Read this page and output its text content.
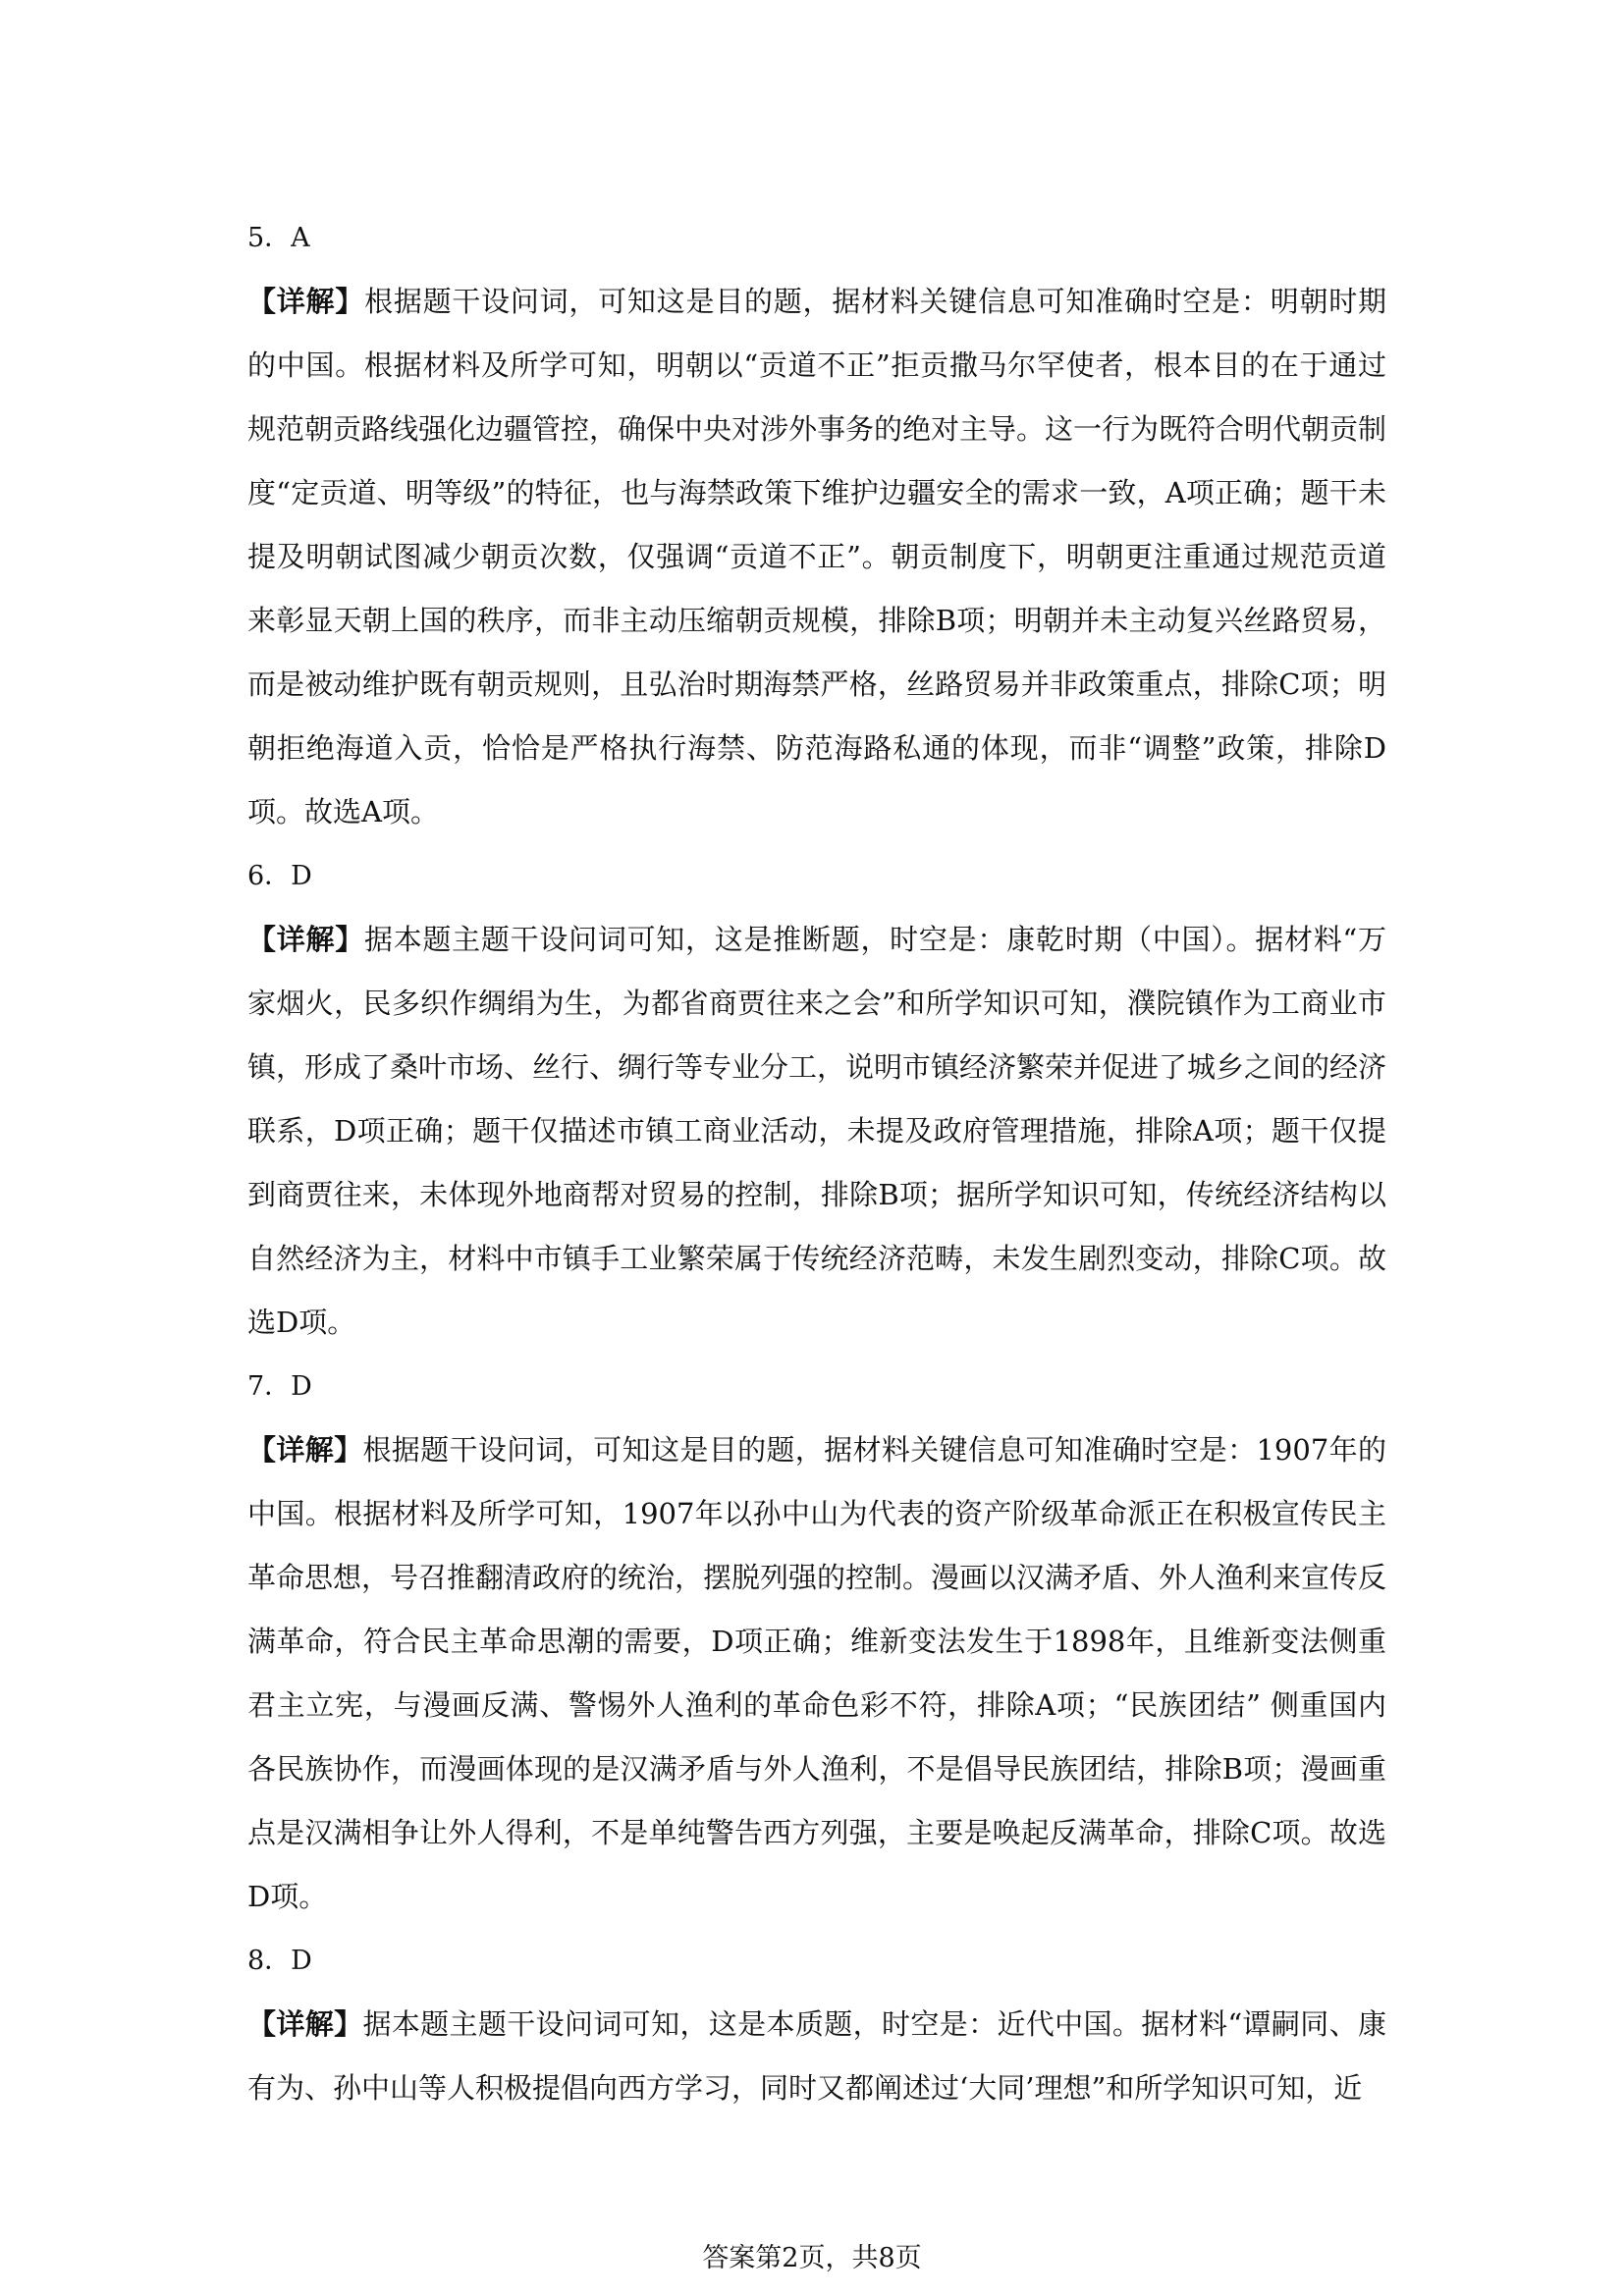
5．A

【详解】根据题干设问词，可知这是目的题，据材料关键信息可知准确时空是：明朝时期的中国。根据材料及所学可知，明朝以“贡道不正”拒贡撒马尔罕使者，根本目的在于通过规范朝贡路线强化边疆管控，确保中央对涉外事务的绝对主导。这一行为既符合明代朝贡制度“定贡道、明等级”的特征，也与海禁政策下维护边疆安全的需求一致，A项正确；题干未提及明朝试图减少朝贡次数，仅强调“贡道不正”。朝贡制度下，明朝更注重通过规范贡道来彰显天朝上国的秩序，而非主动压缩朝贡规模，排除B项；明朝并未主动复兴丝路贸易，而是被动维护既有朝贡规则，且弘治时期海禁严格，丝路贸易并非政策重点，排除C项；明朝拒绝海道入贡，恰恰是严格执行海禁、防范海路私通的体现，而非“调整”政策，排除D项。故选A项。

6．D

【详解】据本题主题干设问词可知，这是推断题，时空是：康乾时期（中国）。据材料“万家烟火，民多织作绸绢为生，为都省商贾往来之会”和所学知识可知，濮院镇作为工商业市镇，形成了桑叶市场、丝行、绸行等专业分工，说明市镇经济繁荣并促进了城乡之间的经济联系，D项正确；题干仅描述市镇工商业活动，未提及政府管理措施，排除A项；题干仅提到商贾往来，未体现外地商帮对贸易的控制，排除B项；据所学知识可知，传统经济结构以自然经济为主，材料中市镇手工业繁荣属于传统经济范畴，未发生剧烈变动，排除C项。故选D项。

7．D

【详解】根据题干设问词，可知这是目的题，据材料关键信息可知准确时空是：1907年的中国。根据材料及所学可知，1907年以孙中山为代表的资产阶级革命派正在积极宣传民主革命思想，号召推翻清政府的统治，摆脱列强的控制。漫画以汉满矛盾、外人渔利来宣传反满革命，符合民主革命思潮的需要，D项正确；维新变法发生于1898年，且维新变法侧重君主立宪，与漫画反满、警惕外人渔利的革命色彩不符，排除A项；“民族团结” 侧重国内各民族协作，而漫画体现的是汉满矛盾与外人渔利，不是倡导民族团结，排除B项；漫画重点是汉满相争让外人得利，不是单纯警告西方列强，主要是唤起反满革命，排除C项。故选D项。

8．D

【详解】据本题主题干设问词可知，这是本质题，时空是：近代中国。据材料“谭嗣同、康有为、孙中山等人积极提倡向西方学习，同时又都阐述过‘大同’理想”和所学知识可知，近

答案第2页，共8页
